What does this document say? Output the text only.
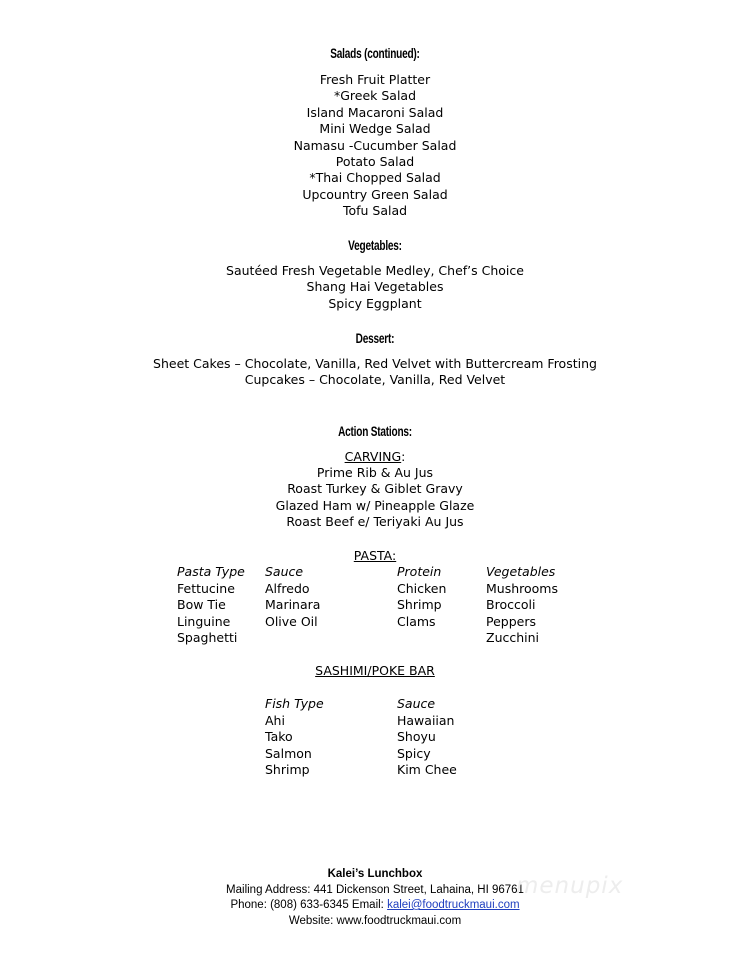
Salads (continued):
Fresh Fruit Platter
*Greek Salad
Island Macaroni Salad
Mini Wedge Salad
Namasu -Cucumber Salad
Potato Salad
*Thai Chopped Salad
Upcountry Green Salad
Tofu Salad
Vegetables:
Sautéed Fresh Vegetable Medley, Chef’s Choice
Shang Hai Vegetables
Spicy Eggplant
Dessert:
Sheet Cakes – Chocolate, Vanilla, Red Velvet with Buttercream Frosting
Cupcakes – Chocolate, Vanilla, Red Velvet
Action Stations:
CARVING:
Prime Rib & Au Jus
Roast Turkey & Giblet Gravy
Glazed Ham w/ Pineapple Glaze
Roast Beef e/ Teriyaki Au Jus
PASTA:
Pasta Type
Fettucine
Bow Tie
Linguine
Spaghetti
Sauce
Alfredo
Marinara
Olive Oil
Protein
Chicken
Shrimp
Clams
Vegetables
Mushrooms
Broccoli
Peppers
Zucchini
SASHIMI/POKE BAR
Fish Type
Ahi
Tako
Salmon
Shrimp
Sauce
Hawaiian
Shoyu
Spicy
Kim Chee
Kalei’s Lunchbox
Mailing Address: 441 Dickenson Street, Lahaina, HI 96761
Phone: (808) 633-6345 Email: kalei@foodtruckmaui.com
Website: www.foodtruckmaui.com
menupix
